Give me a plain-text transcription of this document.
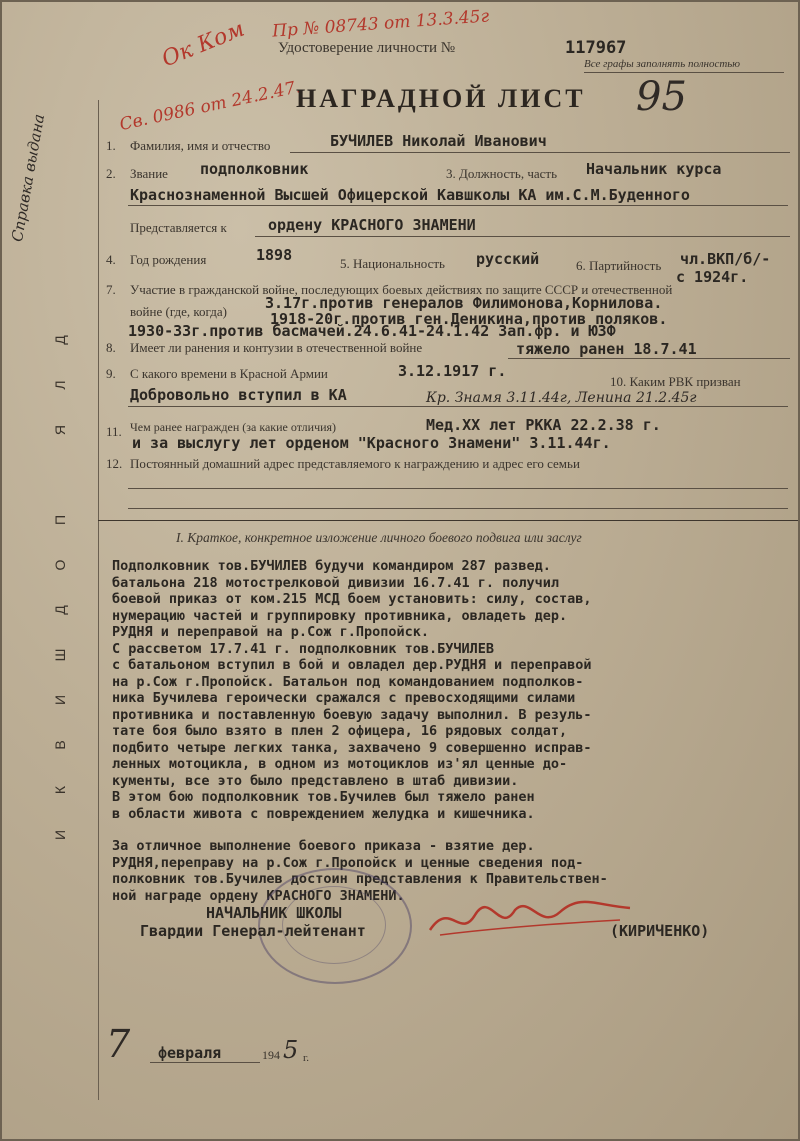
Ок Ком Пр № 08743 от 13.3.45г
Удостоверение личности №	117967
Все графы заполнять полностью
Св. 0986 от 24.2.47.
НАГРАДНОЙ ЛИСТ 95
Справка выдана
Д
Л
Я
П
О
Д
Ш
И
В
К
И
1. Фамилия, имя и отчество	БУЧИЛЕВ Николай Иванович
2. Звание подполковник	3. Должность, часть Начальник курса
Краснознаменной Высшей Офицерской Кавшколы КА им.С.М.Буденного
Представляется к	ордену КРАСНОГО ЗНАМЕНИ
4. Год рождения	1898	5. Национальность русский	6. Партийность чл.ВКП/б/-
с 1924г.
7. Участие в гражданской войне, последующих боевых действиях по защите СССР и отечественной
войне (где, когда)	3.17г.против генералов Филимонова,Корнилова.
1918-20г.против ген.Деникина,против поляков.
1930-33г.против басмачей.24.6.41-24.1.42 Зап.фр. и ЮЗФ
8. Имеет ли ранения и контузии в отечественной войне	тяжело ранен 18.7.41
9. С какого времени в Красной Армии	3.12.1917 г.
10. Каким РВК призван
Добровольно вступил в КА	Кр. Знамя 3.11.44г, Ленина 21.2.45г
11. Чем ранее награжден (за какие отличия)	Мед.XX лет РККА 22.2.38 г.
и за выслугу лет орденом "Красного Знамени" 3.11.44г.
12. Постоянный домашний адрес представляемого к награждению и адрес его семьи
I. Краткое, конкретное изложение личного боевого подвига или заслуг
Подполковник тов.БУЧИЛЕВ будучи командиром 287 развед.
батальона 218 мотострелковой дивизии 16.7.41 г. получил
боевой приказ от ком.215 МСД боем установить: силу, состав,
нумерацию частей и группировку противника, овладеть дер.
РУДНЯ и переправой на р.Сож г.Пропойск.
С рассветом 17.7.41 г. подполковник тов.БУЧИЛЕВ
с батальоном вступил в бой и овладел дер.РУДНЯ и переправой
на р.Сож г.Пропойск. Батальон под командованием подполков-
ника Бучилева героически сражался с превосходящими силами
противника и поставленную боевую задачу выполнил. В резуль-
тате боя было взято в плен 2 офицера, 16 рядовых солдат,
подбито четыре легких танка, захвачено 9 совершенно исправ-
ленных мотоцикла, в одном из мотоциклов из'ял ценные до-
кументы, все это было представлено в штаб дивизии.
В этом бою подполковник тов.Бучилев был тяжело ранен
в области живота с повреждением желудка и кишечника.
За отличное выполнение боевого приказа - взятие дер.
РУДНЯ,переправу на р.Сож г.Пропойск и ценные сведения под-
полковник тов.Бучилев достоин представления к Правительствен-
ной награде ордену КРАСНОГО ЗНАМЕНИ.
НАЧАЛЬНИК ШКОЛЫ
Гвардии Генерал-лейтенант	(КИРИЧЕНКО)
7 февраля	194 5 г.
